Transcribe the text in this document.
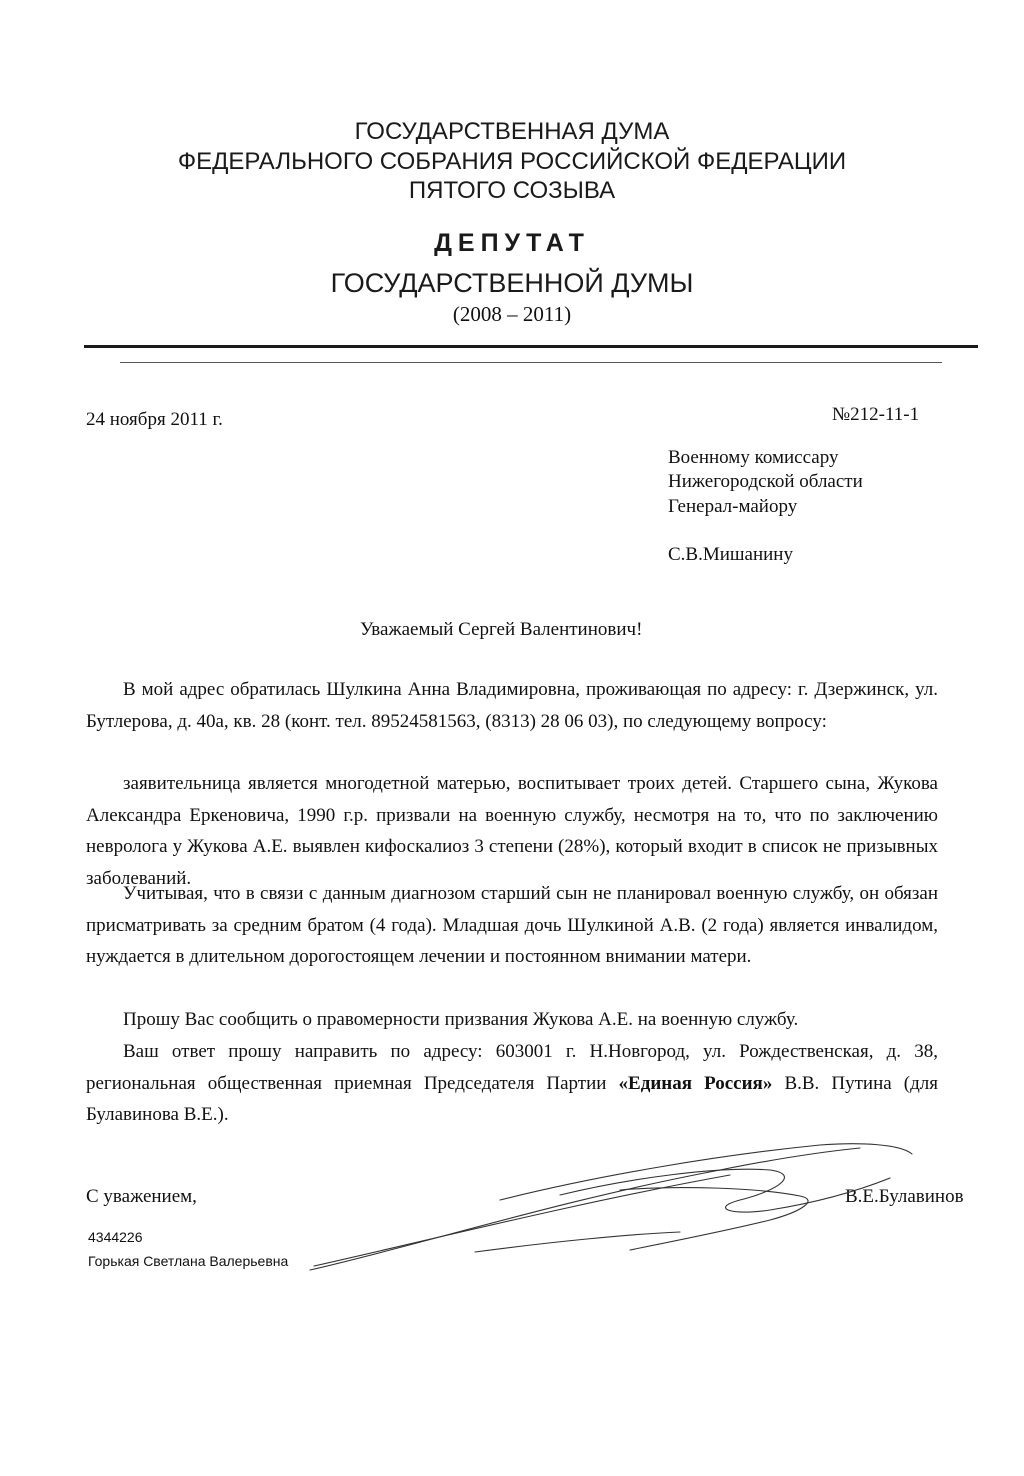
ГОСУДАРСТВЕННАЯ ДУМА
ФЕДЕРАЛЬНОГО СОБРАНИЯ РОССИЙСКОЙ ФЕДЕРАЦИИ
ПЯТОГО СОЗЫВА
ДЕПУТАТ
ГОСУДАРСТВЕННОЙ ДУМЫ
(2008 – 2011)
24 ноября 2011 г.	№212-11-1
Военному комиссару
Нижегородской области
Генерал-майору
С.В.Мишанину
Уважаемый Сергей Валентинович!
В мой адрес обратилась Шулкина Анна Владимировна, проживающая по адресу: г. Дзержинск, ул. Бутлерова, д. 40а, кв. 28 (конт. тел. 89524581563, (8313) 28 06 03), по следующему вопросу:
заявительница является многодетной матерью, воспитывает троих детей. Старшего сына, Жукова Александра Еркеновича, 1990 г.р. призвали на военную службу, несмотря на то, что по заключению невролога у Жукова А.Е. выявлен кифоскалиоз 3 степени (28%), который входит в список не призывных заболеваний.
Учитывая, что в связи с данным диагнозом старший сын не планировал военную службу, он обязан присматривать за средним братом (4 года). Младшая дочь Шулкиной А.В. (2 года) является инвалидом, нуждается в длительном дорогостоящем лечении и постоянном внимании матери.
Прошу Вас сообщить о правомерности призвания Жукова А.Е. на военную службу.
Ваш ответ прошу направить по адресу: 603001 г. Н.Новгород, ул. Рождественская, д. 38, региональная общественная приемная Председателя Партии «Единая Россия» В.В. Путина (для Булавинова В.Е.).
С уважением,	В.Е.Булавинов
4344226
Горькая Светлана Валерьевна
